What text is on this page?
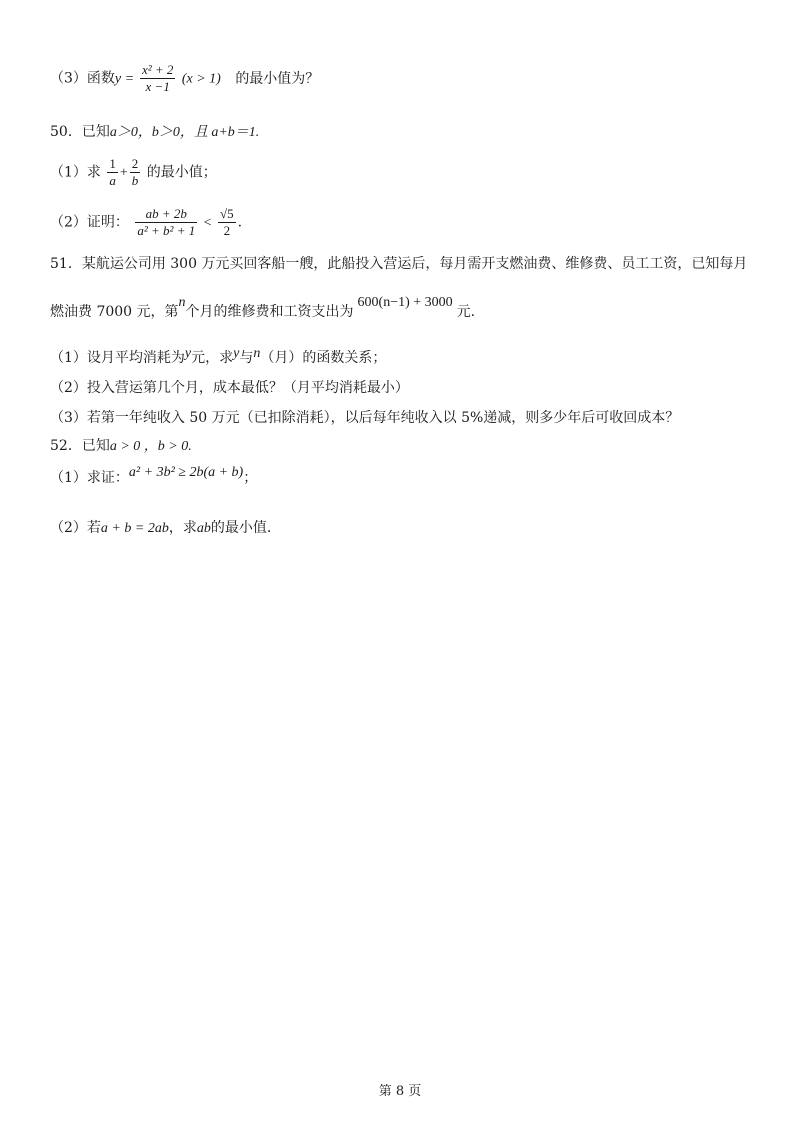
（3）函数$y = \frac{\text{x² + 2}}{x -1} (x > 1)$ 的最小值为？
50．已知a＞0，b＞0，且 a+b＝1.
（1）求 $\frac{1}{a} + \frac{2}{b}$ 的最小值；
（2）证明： $\frac{ab + 2b}{\text{a² + b² + 1}} < \frac{√5}{2}$ .
51．某航运公司用 300 万元买回客船一艘，此船投入营运后，每月需开支燃油费、维修费、员工工资，已知每月
燃油费 7000 元，第n个月的维修费和工资支出为600(n−1) + 3000元.
（1）设月平均消耗为y元，求y与n（月）的函数关系；
（2）投入营运第几个月，成本最低？（月平均消耗最小）
（3）若第一年纯收入 50 万元（已扣除消耗），以后每年纯收入以 5%递减，则多少年后可收回成本？
52．已知a > 0 ，b > 0.
（1）求证：a² + 3b² ≥ 2b(a + b)；
（2）若a + b = 2ab，求ab的最小值.
第 8 页
